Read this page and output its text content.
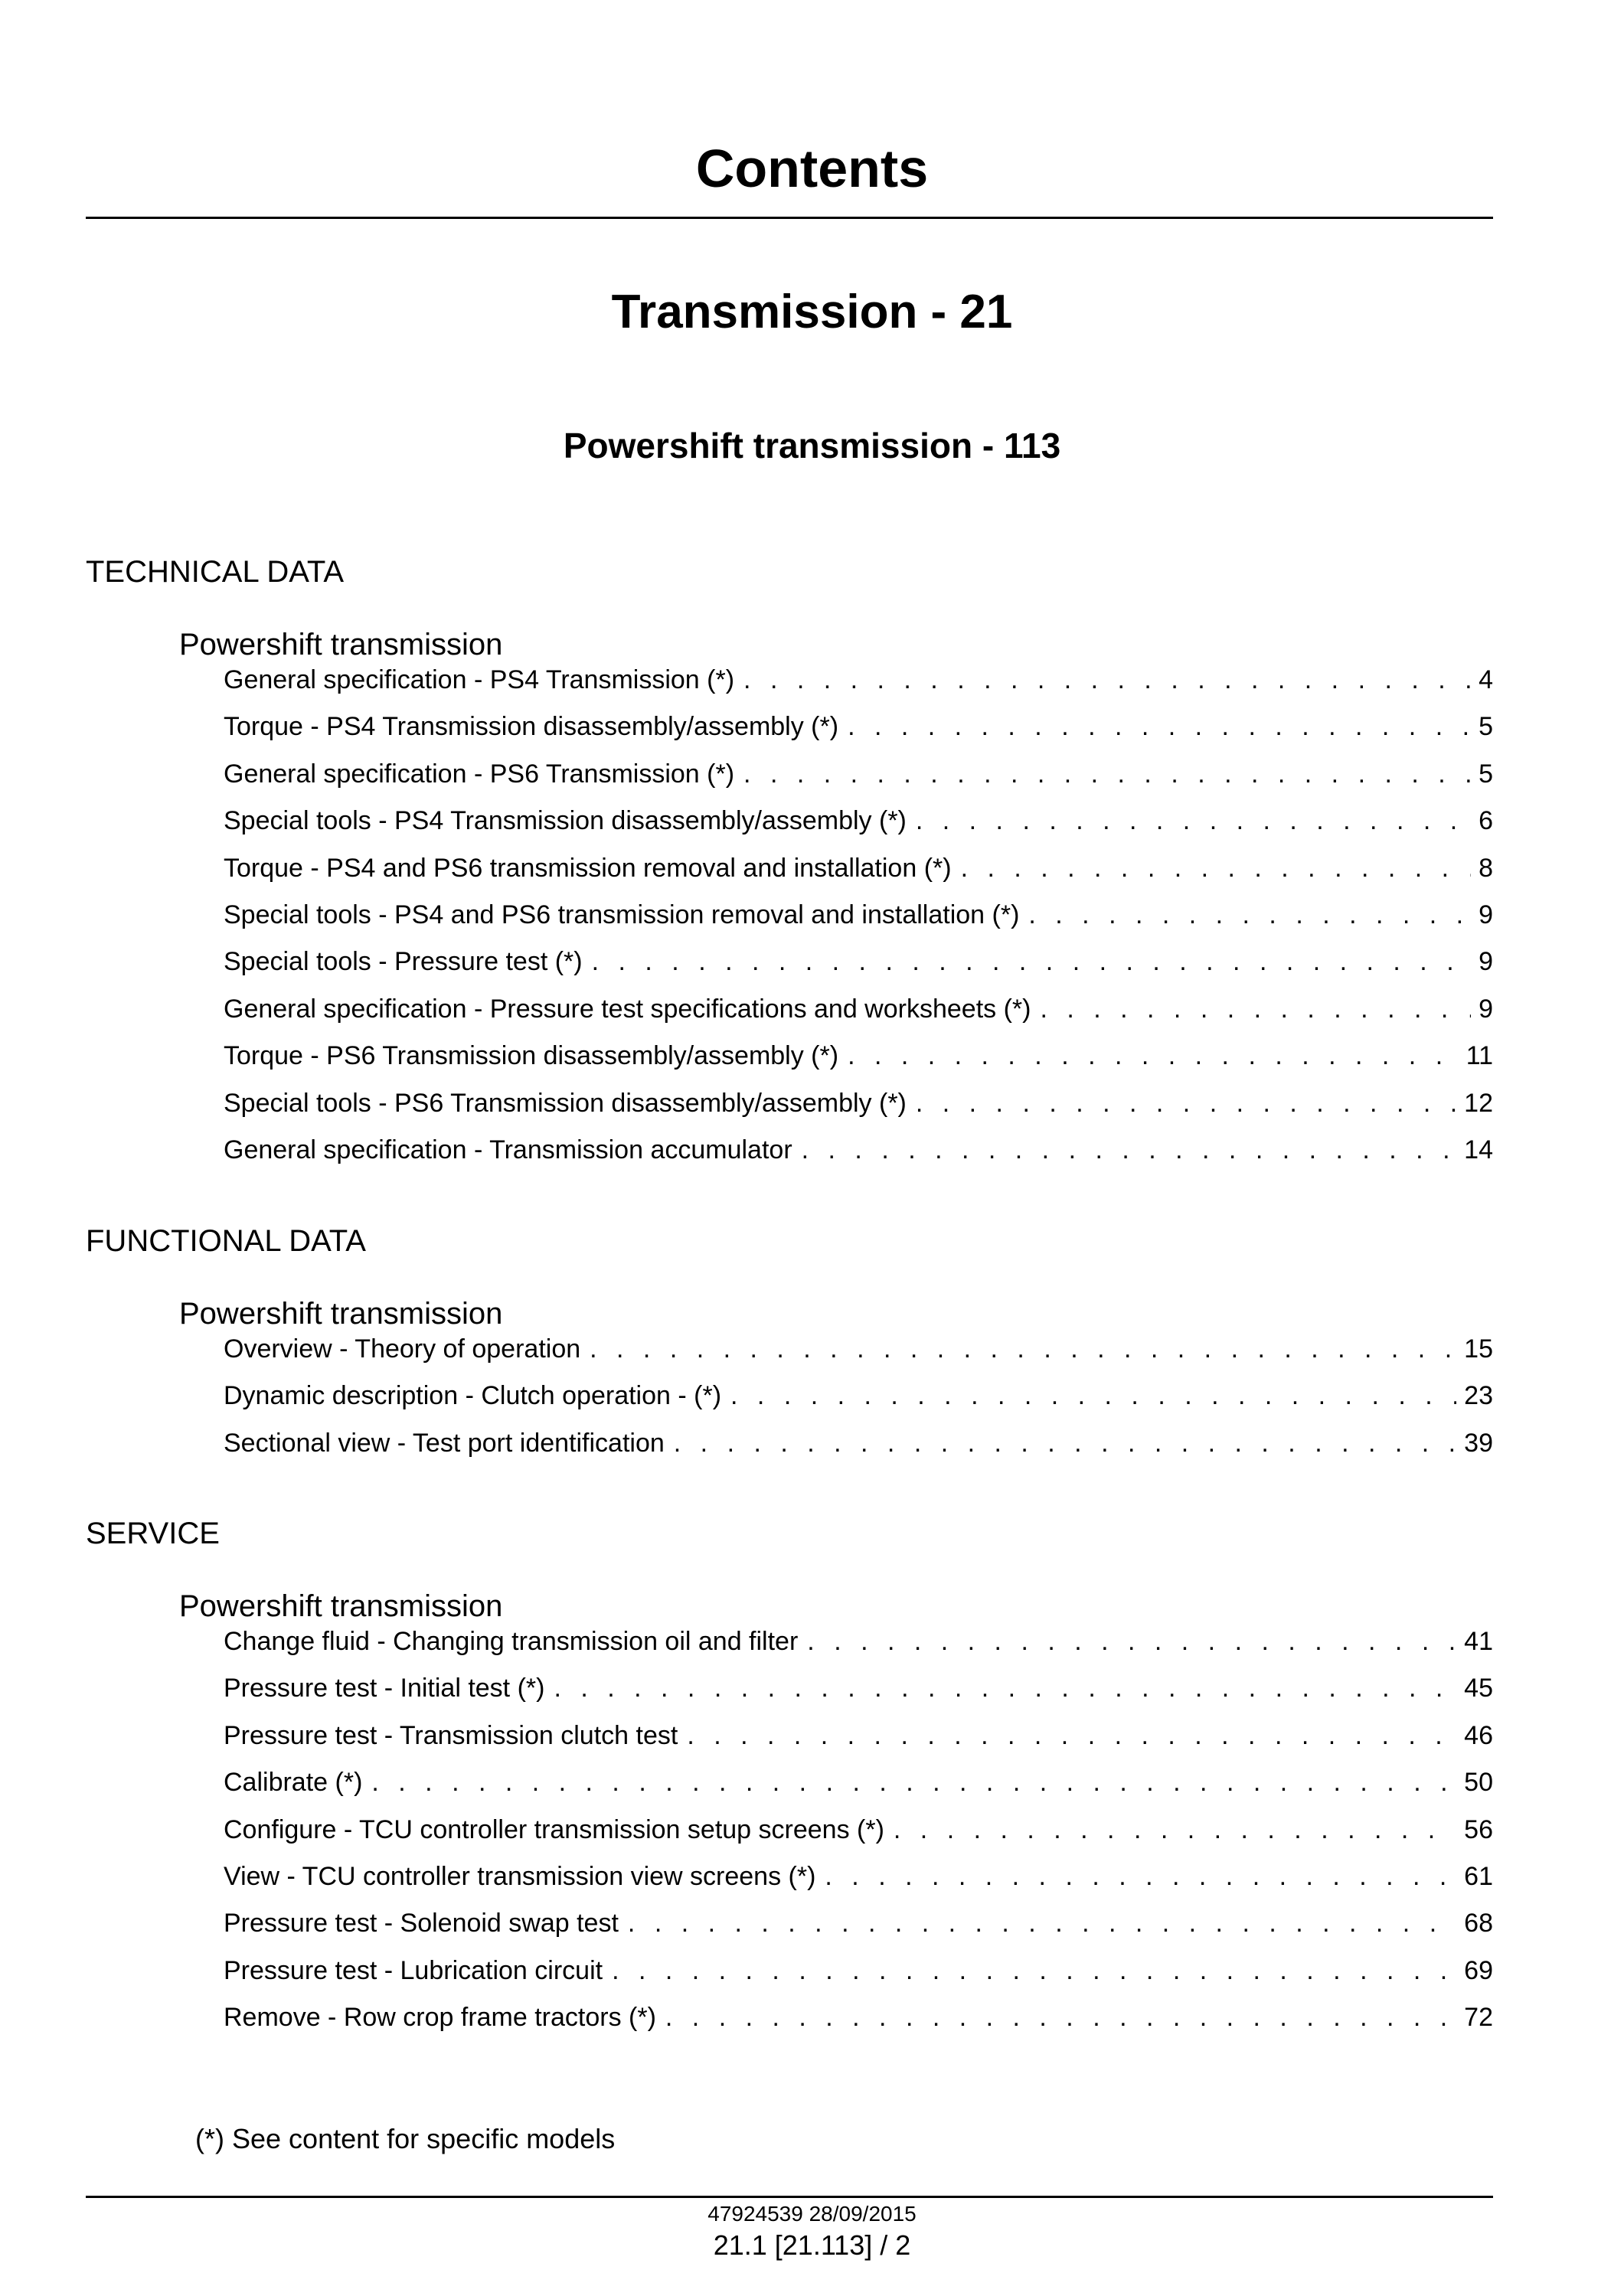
Contents
Transmission - 21
Powershift transmission - 113
TECHNICAL DATA
Powershift transmission
General specification - PS4 Transmission (*) . . .	4
Torque - PS4 Transmission disassembly/assembly (*) . . .	5
General specification - PS6 Transmission (*) . . .	5
Special tools - PS4 Transmission disassembly/assembly (*) . . .	6
Torque - PS4 and PS6 transmission removal and installation (*) . . .	8
Special tools - PS4 and PS6 transmission removal and installation (*) . . .	9
Special tools - Pressure test (*) . . .	9
General specification - Pressure test specifications and worksheets (*) . . .	9
Torque - PS6 Transmission disassembly/assembly (*) . . .	11
Special tools - PS6 Transmission disassembly/assembly (*) . . .	12
General specification - Transmission accumulator . . .	14
FUNCTIONAL DATA
Powershift transmission
Overview - Theory of operation . . .	15
Dynamic description - Clutch operation - (*) . . .	23
Sectional view - Test port identification . . .	39
SERVICE
Powershift transmission
Change fluid - Changing transmission oil and filter . . .	41
Pressure test - Initial test (*) . . .	45
Pressure test - Transmission clutch test . . .	46
Calibrate (*) . . .	50
Configure - TCU controller transmission setup screens (*) . . .	56
View - TCU controller transmission view screens (*) . . .	61
Pressure test - Solenoid swap test . . .	68
Pressure test - Lubrication circuit . . .	69
Remove - Row crop frame tractors (*) . . .	72
(*) See content for specific models
47924539 28/09/2015
21.1 [21.113] / 2
